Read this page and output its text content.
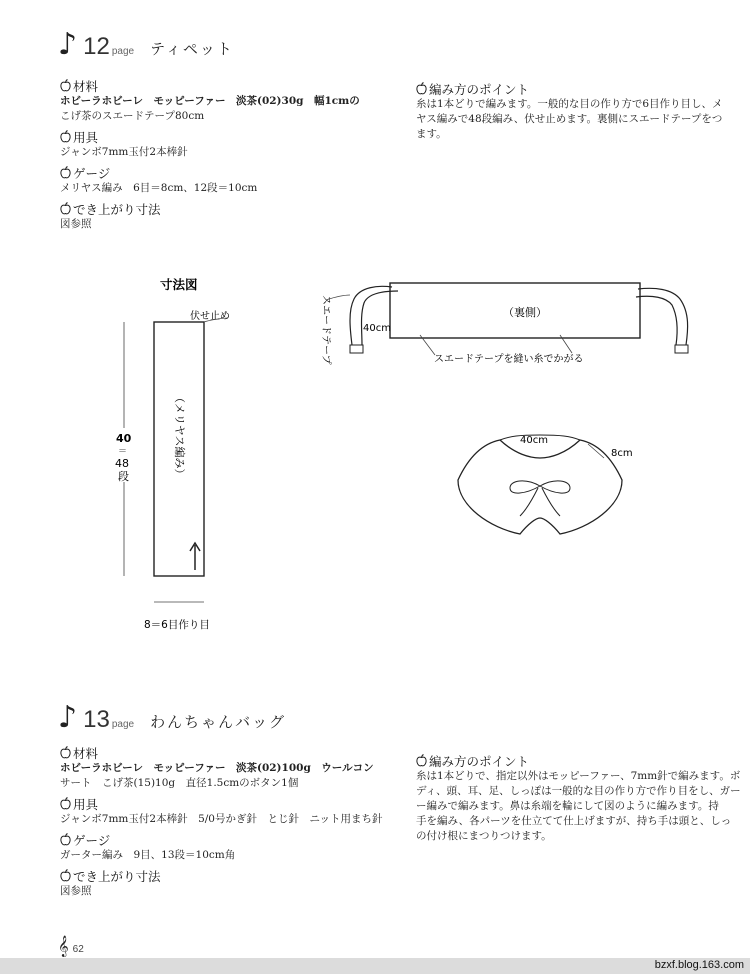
♪ 12 page ティペット
材料
ホビーラホビーレ　モッピーファー　淡茶(02)30g　幅1cmの
こげ茶のスエードテープ80cm
用具
ジャンボ7mm玉付2本棒針
ゲージ
メリヤス編み　6目＝8cm、12段＝10cm
でき上がり寸法
図参照
編み方のポイント
糸は1本どりで編みます。一般的な目の作り方で6目作り目し、メ
ヤス編みで48段編み、伏せ止めます。裏側にスエードテープをつ
ます。
寸法図
伏せ止め
（メリヤス編み）
40
＝
48
段
8＝6目作り目
スエードテープ	（裏側）
40cm
スエードテープを縫い糸でかがる
40cm
8cm
♪ 13 page わんちゃんバッグ
材料
ホビーラホビーレ　モッピーファー　淡茶(02)100g　ウールコン
サート　こげ茶(15)10g　直径1.5cmのボタン1個
用具
ジャンボ7mm玉付2本棒針　5/0号かぎ針　とじ針　ニット用まち針
ゲージ
ガーター編み　9目、13段＝10cm角
でき上がり寸法
図参照
編み方のポイント
糸は1本どりで、指定以外はモッピーファー、7mm針で編みます。ボ
ディ、頭、耳、足、しっぽは一般的な目の作り方で作り目をし、ガー
ー編みで編みます。鼻は糸端を輪にして図のように編みます。持
手を編み、各パーツを仕立てて仕上げますが、持ち手は頭と、しっ
の付け根にまつりつけます。
𝄞 62
bzxf.blog.163.com
